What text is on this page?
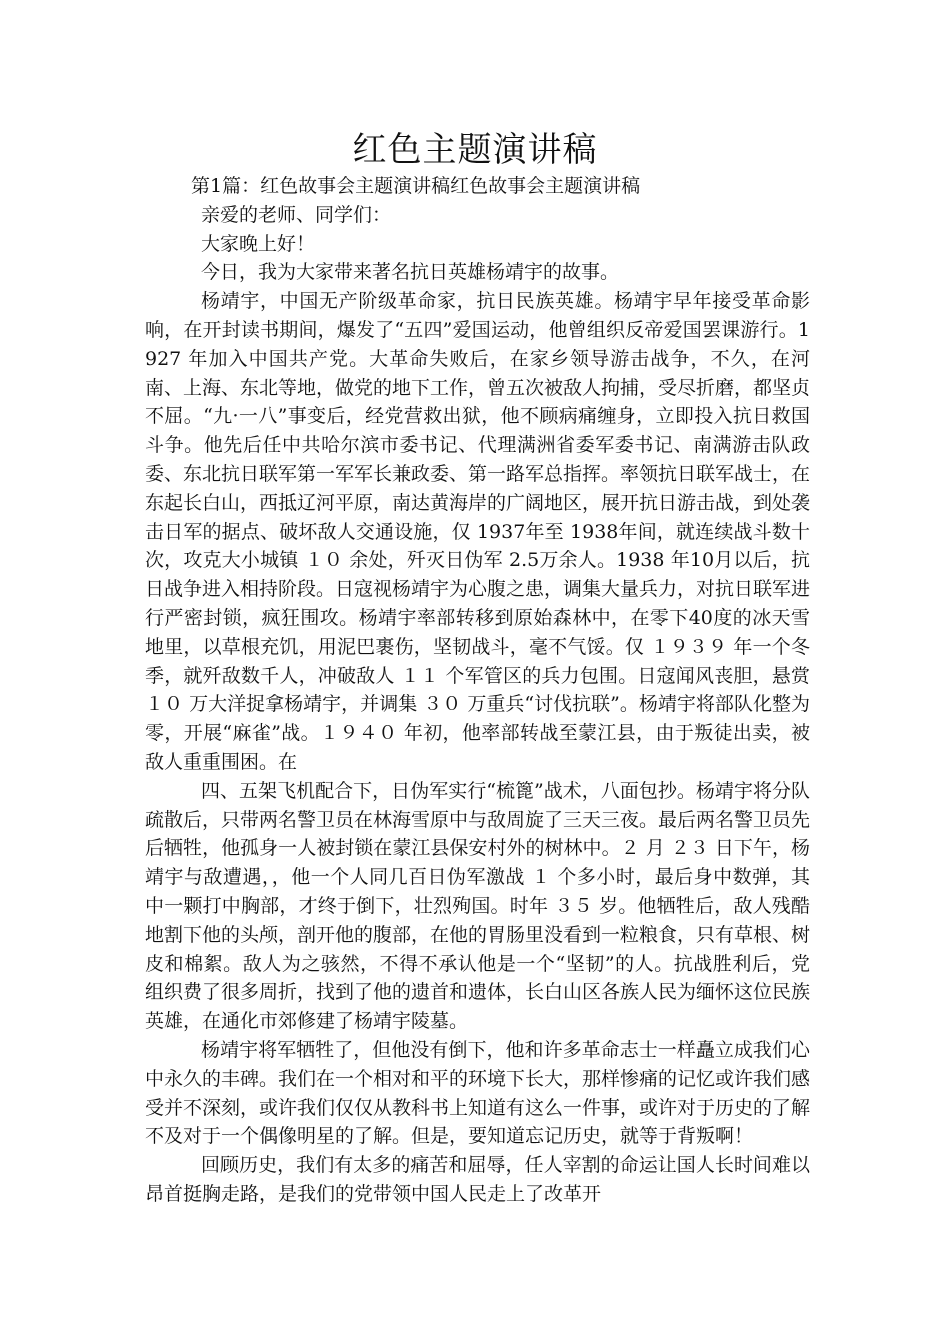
红色主题演讲稿

第1篇：红色故事会主题演讲稿红色故事会主题演讲稿

亲爱的老师、同学们：

大家晚上好！

今日，我为大家带来著名抗日英雄杨靖宇的故事。

杨靖宇，中国无产阶级革命家，抗日民族英雄。杨靖宇早年接受革命影响，在开封读书期间，爆发了“五四”爱国运动，他曾组织反帝爱国罢课游行。1927 年加入中国共产党。大革命失败后，在家乡领导游击战争，不久，在河南、上海、东北等地，做党的地下工作，曾五次被敌人拘捕，受尽折磨，都坚贞不屈。“九·一八”事变后，经党营救出狱，他不顾病痛缠身，立即投入抗日救国斗争。他先后任中共哈尔滨市委书记、代理满洲省委军委书记、南满游击队政委、东北抗日联军第一军军长兼政委、第一路军总指挥。率领抗日联军战士，在东起长白山，西抵辽河平原，南达黄海岸的广阔地区，展开抗日游击战，到处袭击日军的据点、破坏敌人交通设施，仅 1937年至 1938年间，就连续战斗数十次，攻克大小城镇 １０ 余处，歼灭日伪军 2.5万余人。1938 年10月以后，抗日战争进入相持阶段。日寇视杨靖宇为心腹之患，调集大量兵力，对抗日联军进行严密封锁，疯狂围攻。杨靖宇率部转移到原始森林中，在零下40度的冰天雪地里，以草根充饥，用泥巴裹伤，坚韧战斗，毫不气馁。仅 １９３９ 年一个冬季，就歼敌数千人，冲破敌人 １１ 个军管区的兵力包围。日寇闻风丧胆，悬赏 １０ 万大洋捉拿杨靖宇，并调集 ３０ 万重兵“讨伐抗联”。杨靖宇将部队化整为零，开展“麻雀”战。１９４０ 年初，他率部转战至蒙江县，由于叛徒出卖，被敌人重重围困。在

四、五架飞机配合下，日伪军实行“梳篦”战术，八面包抄。杨靖宇将分队疏散后，只带两名警卫员在林海雪原中与敌周旋了三天三夜。最后两名警卫员先后牺牲，他孤身一人被封锁在蒙江县保安村外的树林中。２ 月 ２３ 日下午，杨靖宇与敌遭遇，，他一个人同几百日伪军激战 １ 个多小时，最后身中数弹，其中一颗打中胸部，才终于倒下，壮烈殉国。时年 ３５ 岁。他牺牲后，敌人残酷地割下他的头颅，剖开他的腹部，在他的胃肠里没看到一粒粮食，只有草根、树皮和棉絮。敌人为之骇然，不得不承认他是一个“坚韧”的人。抗战胜利后，党组织费了很多周折，找到了他的遗首和遗体，长白山区各族人民为缅怀这位民族英雄，在通化市郊修建了杨靖宇陵墓。

杨靖宇将军牺牲了，但他没有倒下，他和许多革命志士一样矗立成我们心中永久的丰碑。我们在一个相对和平的环境下长大，那样惨痛的记忆或许我们感受并不深刻，或许我们仅仅从教科书上知道有这么一件事，或许对于历史的了解不及对于一个偶像明星的了解。但是，要知道忘记历史，就等于背叛啊！

回顾历史，我们有太多的痛苦和屈辱，任人宰割的命运让国人长时间难以昂首挺胸走路，是我们的党带领中国人民走上了改革开
